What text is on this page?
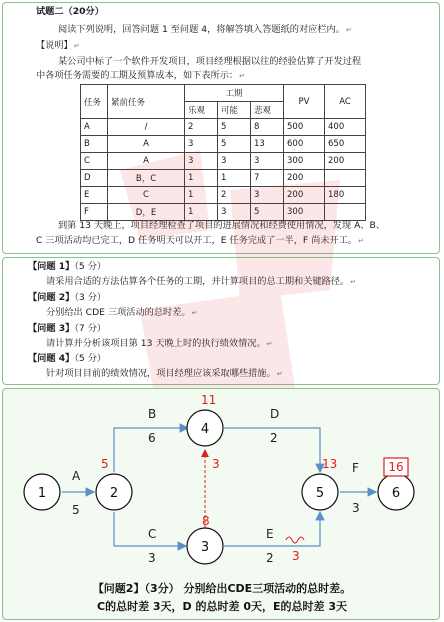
试题二（20分）
阅读下列说明，回答问题 1 至问题 4，将解答填入答题纸的对应栏内。↵
【说明】↵
某公司中标了一个软件开发项目，项目经理根据以往的经验估算了开发过程
中各项任务需要的工期及预算成本，如下表所示：↵
任务	紧前任务	工期			PV	AC
		乐观	可能	悲观		
A	/	2	5	8	500	400
B	A	3	5	13	600	650
C	A	3	3	3	300	200
D	B，C	1	1	7	200	
E	C	1	2	3	200	180
F	D，E	1	3	5	300	
到第 13 天晚上，项目经理检查了项目的进展情况和经费使用情况，发现 A、B、
C 三项活动均已完工，D 任务明天可以开工，E 任务完成了一半，F 尚未开工。↵
【问题 1】（5 分）
请采用合适的方法估算各个任务的工期，并计算项目的总工期和关键路径。↵
【问题 2】（3 分）
分别给出 CDE 三项活动的总时差。↵
【问题 3】（7 分）
请计算并分析该项目第 13 天晚上时的执行绩效情况。↵
【问题 4】（5 分）
针对项目目前的绩效情况，项目经理应该采取哪些措施。↵
A
5
B
6
C
3
D
2
E
2
F
3
3
3
1	2
3
4
5	6
5
11
13
8
16
【问题2】（3分） 分别给出CDE三项活动的总时差。
C的总时差 3天，D 的总时差 0天，E的总时差 3天
